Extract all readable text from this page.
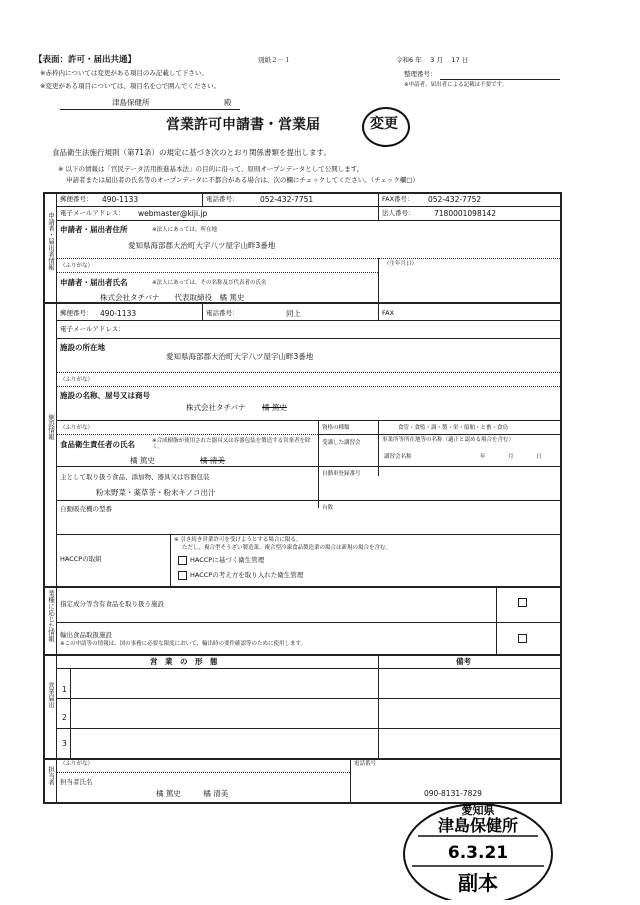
【表面：許可・届出共通】	別紙２－１
※赤枠内については変更がある項目のみ記載して下さい。
※変更がある項目については、項目名を○で囲んでください。
令和6 年　 3 月　 17 日
整理番号：
※申請者、届出者による記載は不要です。
津島保健所	殿
営業許可申請書・営業届	変更
食品衛生法施行規則（第71条）の規定に基づき次のとおり関係書類を提出します。
※ 以下の情報は「官民データ活用推進基本法」の目的に沿って、原則オープンデータとして公開します。
申請者または届出者の氏名等のオープンデータに不都合がある場合は、次の欄にチェックしてください。（チェック欄□）
申請者・届出者情報
郵便番号： 490-1133	電話番号：	052-432-7751	FAX番号： 052-432-7752
電子メールアドレス： webmaster@kiji.jp	法人番号：	7180001098142
申請者・届出者住所	※法人にあっては、所在地
愛知県海部郡大治町大字八ツ屋字山畔3番地
（ふりがな）	（生年月日）
申請者・届出者氏名	※法人にあっては、その名称及び代表者の氏名
株式会社タチバナ　　代表取締役　橘 篤史
施設情報
郵便番号： 490-1133	電話番号：	同上	FAX
電子メールアドレス：
施設の所在地
愛知県海部郡大治町大字八ツ屋字山畔3番地
（ふりがな）
施設の名称、屋号又は商号
株式会社タチバナ 橘 篤史
（ふりがな）
食品衛生責任者の氏名	※合成樹脂が使用された器具又は容器包装を製造する営業者を除く。
橘 篤史	橘 清美
資格の種類	食管・食監・調・製・栄・船舶・と畜・食鳥
受講した講習会	事業所等所在地等の名称（適正と認める場合を含む）
講習会名称	年	月	日
主として取り扱う食品、添加物、器具又は容器包装
粉末野菜・薬草茶・粉末キノコ出汁
自動車登録番号
自動販売機の型番	台数
HACCPの取組
※ 引き続き営業許可を受けようとする場合に限る。
ただし、複合型そうざい製造業、複合型冷凍食品製造業の場合は新規の場合を含む。
HACCPに基づく衛生管理
HACCPの考え方を取り入れた衛生管理
業種に応じた情報 指定成分等含有食品を取り扱う施設
輸出食品取扱施設
※この申請等の情報は、国の事務に必要な限度において、輸出時の要件確認等のために使用します。
営業届出
営　業　の　形　態	備考
1
2
3
担当者
（ふりがな）
担当者氏名
橘 篤史　　　橘 清美
電話番号
090-8131-7829
愛知県
津島保健所
6.3.21
副本
